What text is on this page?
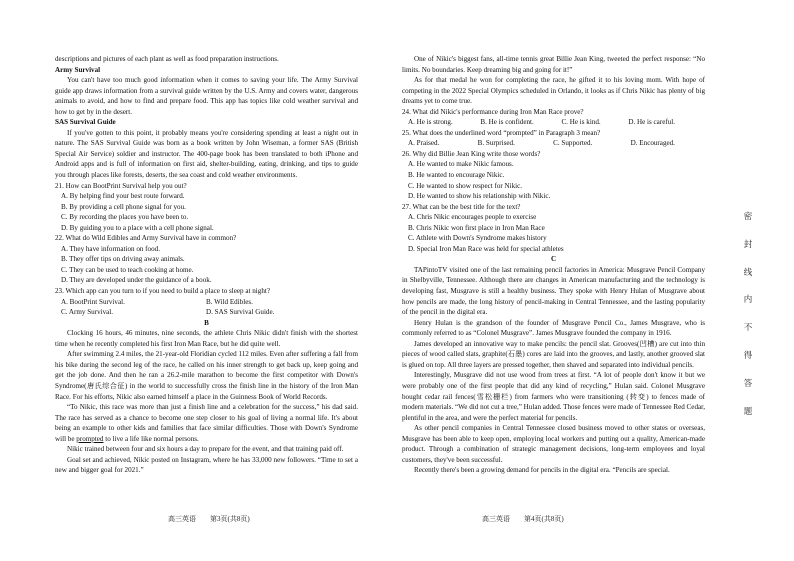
descriptions and pictures of each plant as well as food preparation instructions.

Army Survival

You can't have too much good information when it comes to saving your life. The Army Survival guide app draws information from a survival guide written by the U.S. Army and covers water, dangerous animals to avoid, and how to find and prepare food. This app has topics like cold weather survival and how to get by in the desert.

SAS Survival Guide

If you've gotten to this point, it probably means you're considering spending at least a night out in nature. The SAS Survival Guide was born as a book written by John Wiseman, a former SAS (British Special Air Service) soldier and instructor. The 400-page book has been translated to both iPhone and Android apps and is full of information on first aid, shelter-building, eating, drinking, and tips to guide you through places like forests, deserts, the sea coast and cold weather environments.

21. How can BootPrint Survival help you out?

A. By helping find your best route forward.

B. By providing a cell phone signal for you.

C. By recording the places you have been to.

D. By guiding you to a place with a cell phone signal.

22. What do Wild Edibles and Army Survival have in common?

A. They have information on food.

B. They offer tips on driving away animals.

C. They can be used to teach cooking at home.

D. They are developed under the guidance of a book.

23. Which app can you turn to if you need to build a place to sleep at night?

A. BootPrint Survival.	B. Wild Edibles.
C. Army Survival.	D. SAS Survival Guide.

B

Clocking 16 hours, 46 minutes, nine seconds, the athlete Chris Nikic didn't finish with the shortest time when he recently completed his first Iron Man Race, but he did quite well.

After swimming 2.4 miles, the 21-year-old Floridian cycled 112 miles. Even after suffering a fall from his bike during the second leg of the race, he called on his inner strength to get back up, keep going and get the job done. And then he ran a 26.2-mile marathon to become the first competitor with Down's Syndrome(唐氏综合征) in the world to successfully cross the finish line in the history of the Iron Man Race. For his efforts, Nikic also earned himself a place in the Guinness Book of World Records.

“To Nikic, this race was more than just a finish line and a celebration for the success,” his dad said. The race has served as a chance to become one step closer to his goal of living a normal life. It's about being an example to other kids and families that face similar difficulties. Those with Down's Syndrome will be prompted to live a life like normal persons.

Nikic trained between four and six hours a day to prepare for the event, and that training paid off.

Goal set and achieved, Nikic posted on Instagram, where he has 33,000 new followers. “Time to set a new and bigger goal for 2021.”

One of Nikic's biggest fans, all-time tennis great Billie Jean King, tweeted the perfect response: “No limits. No boundaries. Keep dreaming big and going for it!”

As for that medal he won for completing the race, he gifted it to his loving mom. With hope of competing in the 2022 Special Olympics scheduled in Orlando, it looks as if Chris Nikic has plenty of big dreams yet to come true.

24. What did Nikic's performance during Iron Man Race prove?

A. He is strong.	B. He is confident.	C. He is kind.	D. He is careful.

25. What does the underlined word “prompted” in Paragraph 3 mean?

A. Praised.	B. Surprised.	C. Supported.	D. Encouraged.

26. Why did Billie Jean King write those words?

A. He wanted to make Nikic famous.

B. He wanted to encourage Nikic.

C. He wanted to show respect for Nikic.

D. He wanted to show his relationship with Nikic.

27. What can be the best title for the text?

A. Chris Nikic encourages people to exercise

B. Chris Nikic won first place in Iron Man Race

C. Athlete with Down's Syndrome makes history

D. Special Iron Man Race was held for special athletes

C

TAPintoTV visited one of the last remaining pencil factories in America: Musgrave Pencil Company in Shelbyville, Tennessee. Although there are changes in American manufacturing and the technology is developing fast, Musgrave is still a healthy business. They spoke with Henry Hulan of Musgrave about how pencils are made, the long history of pencil-making in Central Tennessee, and the lasting popularity of the pencil in the digital era.

Henry Hulan is the grandson of the founder of Musgrave Pencil Co., James Musgrave, who is commonly referred to as “Colonel Musgrave”. James Musgrave founded the company in 1916.

James developed an innovative way to make pencils: the pencil slat. Grooves(凹槽) are cut into thin pieces of wood called slats, graphite(石墨) cores are laid into the grooves, and lastly, another grooved slat is glued on top. All three layers are pressed together, then shaved and separated into individual pencils.

Interestingly, Musgrave did not use wood from trees at first. “A lot of people don't know it but we were probably one of the first people that did any kind of recycling,” Hulan said. Colonel Musgrave bought cedar rail fences(雪松栅栏) from farmers who were transitioning (转变) to fences made of modern materials. “We did not cut a tree,” Hulan added. Those fences were made of Tennessee Red Cedar, plentiful in the area, and were the perfect material for pencils.

As other pencil companies in Central Tennessee closed business moved to other states or overseas, Musgrave has been able to keep open, employing local workers and putting out a quality, American-made product. Through a combination of strategic management decisions, long-term employees and loyal customers, they've been successful.

Recently there's been a growing demand for pencils in the digital era. “Pencils are special.

高三英语　　第3页(共8页)	高三英语　　第4页(共8页)
密
封
线
内
不
得
答
题
